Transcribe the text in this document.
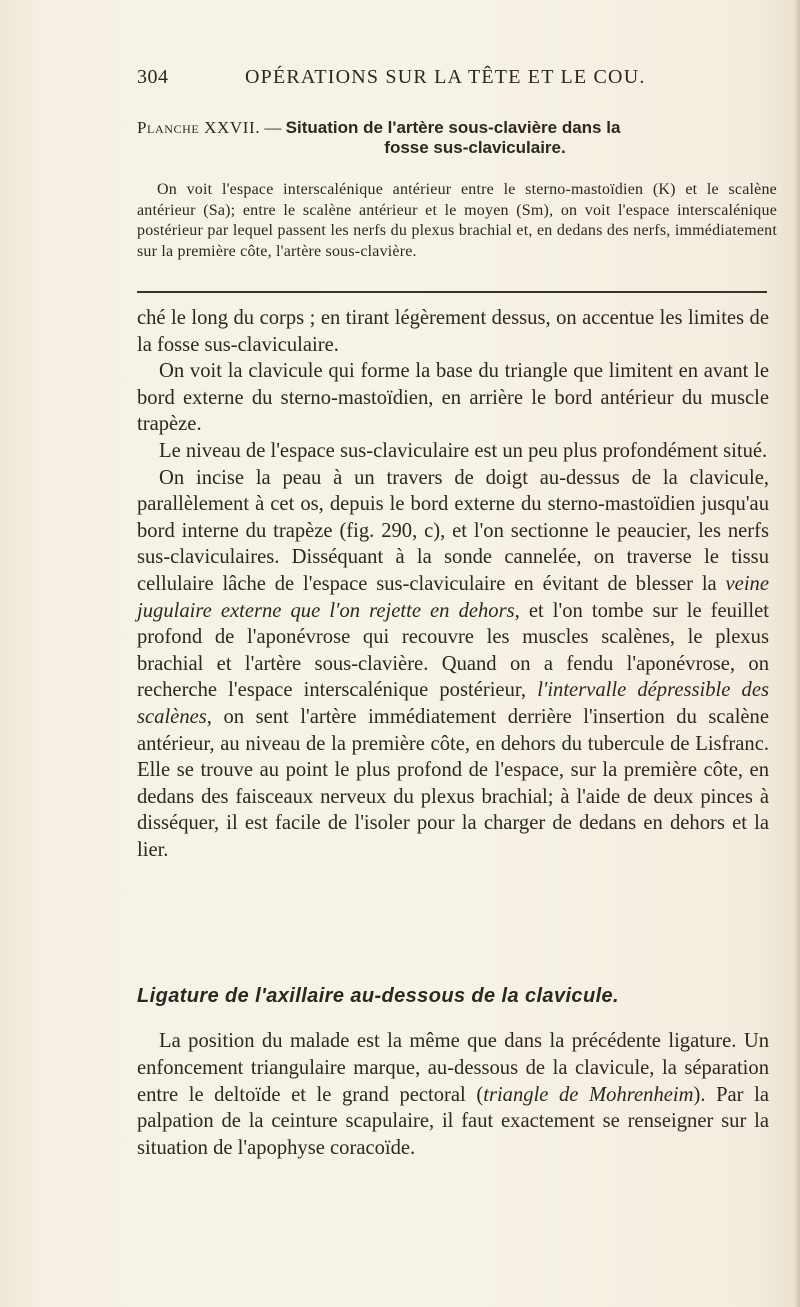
304	OPÉRATIONS SUR LA TÊTE ET LE COU.
Planche XXVII. — Situation de l'artère sous-clavière dans la
fosse sus-claviculaire.
On voit l'espace interscalénique antérieur entre le sterno-mastoïdien (K) et le scalène antérieur (Sa); entre le scalène antérieur et le moyen (Sm), on voit l'espace interscalénique postérieur par lequel passent les nerfs du plexus brachial et, en dedans des nerfs, immédiatement sur la première côte, l'artère sous-clavière.

ché le long du corps ; en tirant légèrement dessus, on accentue les limites de la fosse sus-claviculaire.

On voit la clavicule qui forme la base du triangle que limitent en avant le bord externe du sterno-mastoïdien, en arrière le bord antérieur du muscle trapèze.

Le niveau de l'espace sus-claviculaire est un peu plus profondément situé.

On incise la peau à un travers de doigt au-dessus de la clavicule, parallèlement à cet os, depuis le bord externe du sterno-mastoïdien jusqu'au bord interne du trapèze (fig. 290, c), et l'on sectionne le peaucier, les nerfs sus-claviculaires. Disséquant à la sonde cannelée, on traverse le tissu cellulaire lâche de l'espace sus-claviculaire en évitant de blesser la veine jugulaire externe que l'on rejette en dehors, et l'on tombe sur le feuillet profond de l'aponévrose qui recouvre les muscles scalènes, le plexus brachial et l'artère sous-clavière. Quand on a fendu l'aponévrose, on recherche l'espace interscalénique postérieur, l'intervalle dépressible des scalènes, on sent l'artère immédiatement derrière l'insertion du scalène antérieur, au niveau de la première côte, en dehors du tubercule de Lisfranc. Elle se trouve au point le plus profond de l'espace, sur la première côte, en dedans des faisceaux nerveux du plexus brachial; à l'aide de deux pinces à disséquer, il est facile de l'isoler pour la charger de dedans en dehors et la lier.

Ligature de l'axillaire au-dessous de la clavicule.

La position du malade est la même que dans la précédente ligature. Un enfoncement triangulaire marque, au-dessous de la clavicule, la séparation entre le deltoïde et le grand pectoral (triangle de Mohrenheim). Par la palpation de la ceinture scapulaire, il faut exactement se renseigner sur la situation de l'apophyse coracoïde.
